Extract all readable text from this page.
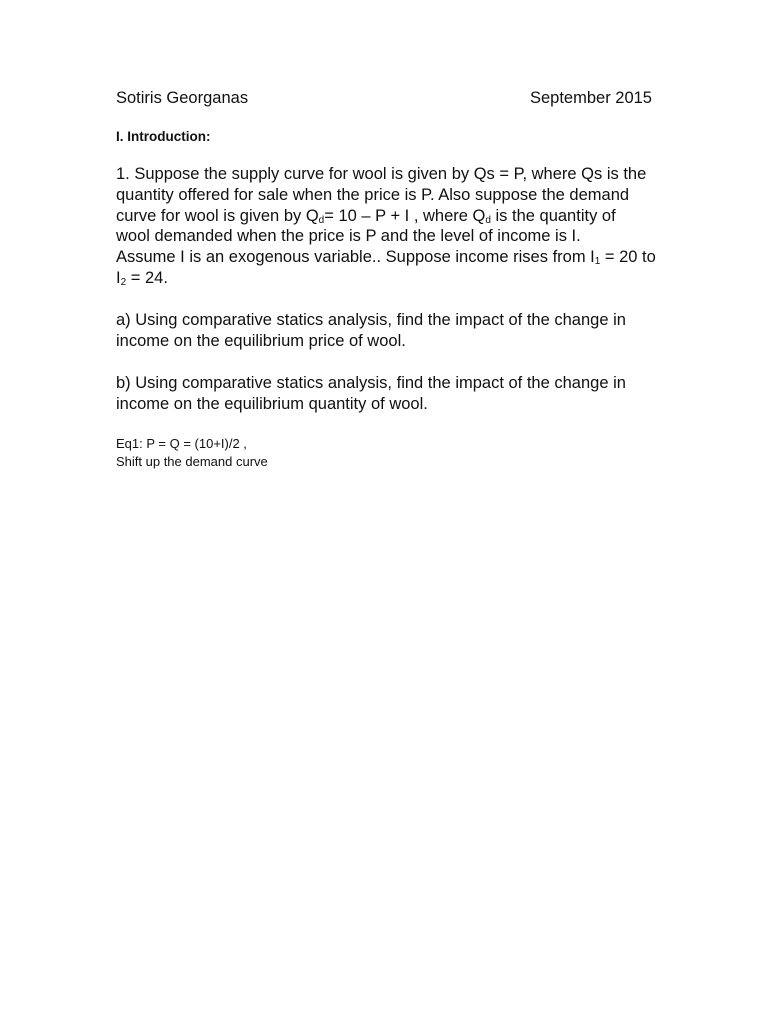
Sotiris Georganas	September 2015
I. Introduction:
1. Suppose the supply curve for wool is given by Qs = P, where Qs is the
quantity offered for sale when the price is P. Also suppose the demand
curve for wool is given by $Q_d= 10 - P + I$ , where $Q_d$ is the quantity of
wool demanded when the price is P and the level of income is I.
Assume I is an exogenous variable.. Suppose income rises from $I_1 = 20$ to
$I_2 = 24$.
a) Using comparative statics analysis, find the impact of the change in
income on the equilibrium price of wool.
b) Using comparative statics analysis, find the impact of the change in
income on the equilibrium quantity of wool.
Eq1: P = Q = (10+I)/2 ,
Shift up the demand curve
